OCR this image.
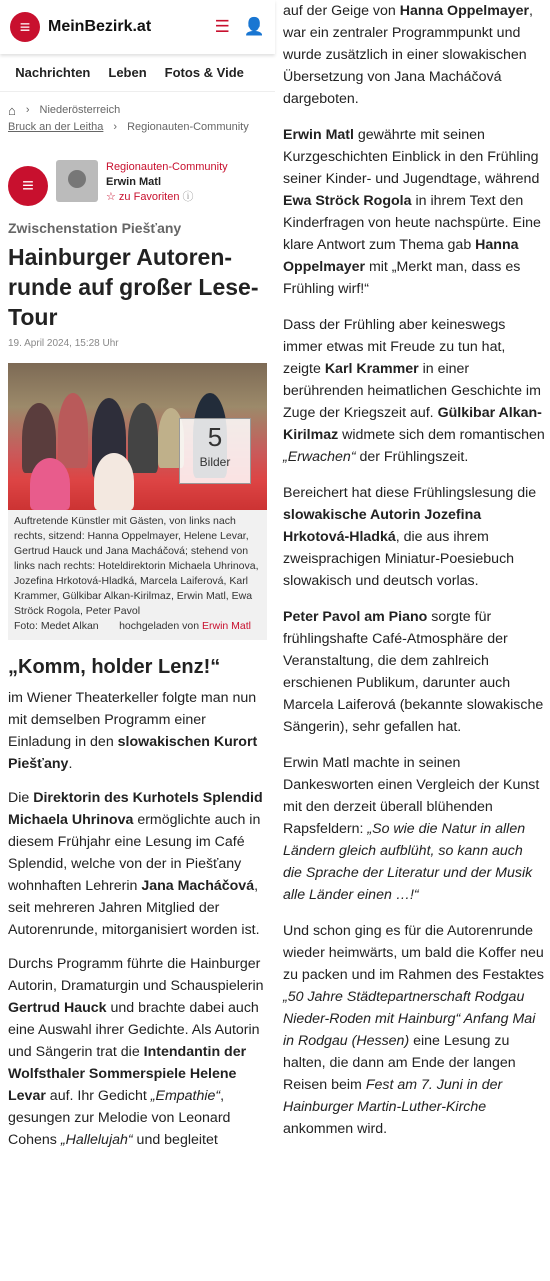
≡ MeinBezirk.at	☰ 👤
Nachrichten Leben Fotos & Vide
⌂ › Niederösterreich
Bruck an der Leitha › Regionauten-Community
≡
Regionauten-Community
Erwin Matl
☆ zu Favoriten ⓘ
Zwischenstation Piešťany
Hainburger Autoren-runde auf großer Lese-Tour
19. April 2024, 15:28 Uhr
5
Bilder
Auftretende Künstler mit Gästen, von links nach rechts, sitzend: Hanna Oppelmayer, Helene Levar, Gertrud Hauck und Jana Macháčová; stehend von links nach rechts: Hoteldirektorin Michaela Uhrinova, Jozefina Hrkotová-Hladká, Marcela Laiferová, Karl Krammer, Gülkibar Alkan-Kirilmaz, Erwin Matl, Ewa Ströck Rogola, Peter Pavol
Foto: Medet Alkan hochgeladen von Erwin Matl
„Komm, holder Lenz!“

im Wiener Theaterkeller folgte man nun mit demselben Programm einer Einladung in den slowakischen Kurort Piešťany.

Die Direktorin des Kurhotels Splendid Michaela Uhrinova ermöglichte auch in diesem Frühjahr eine Lesung im Café Splendid, welche von der in Piešťany wohnhaften Lehrerin Jana Macháčová, seit mehreren Jahren Mitglied der Autorenrunde, mitorganisiert worden ist.

Durchs Programm führte die Hainburger Autorin, Dramaturgin und Schauspielerin Gertrud Hauck und brachte dabei auch eine Auswahl ihrer Gedichte. Als Autorin und Sängerin trat die Intendantin der Wolfsthaler Sommerspiele Helene Levar auf. Ihr Gedicht „Empathie“, gesungen zur Melodie von Leonard Cohens „Hallelujah“ und begleitet

auf der Geige von Hanna Oppelmayer, war ein zentraler Programmpunkt und wurde zusätzlich in einer slowakischen Übersetzung von Jana Macháčová dargeboten.

Erwin Matl gewährte mit seinen Kurzgeschichten Einblick in den Frühling seiner Kinder- und Jugendtage, während Ewa Ströck Rogola in ihrem Text den Kinderfragen von heute nachspürte. Eine klare Antwort zum Thema gab Hanna Oppelmayer mit „Merkt man, dass es Frühling wirf!“

Dass der Frühling aber keineswegs immer etwas mit Freude zu tun hat, zeigte Karl Krammer in einer berührenden heimatlichen Geschichte im Zuge der Kriegszeit auf. Gülkibar Alkan-Kirilmaz widmete sich dem romantischen „Erwachen“ der Frühlingszeit.

Bereichert hat diese Frühlingslesung die slowakische Autorin Jozefina Hrkotová-Hladká, die aus ihrem zweisprachigen Miniatur-Poesiebuch slowakisch und deutsch vorlas.

Peter Pavol am Piano sorgte für frühlingshafte Café-Atmosphäre der Veranstaltung, die dem zahlreich erschienen Publikum, darunter auch Marcela Laiferová (bekannte slowakische Sängerin), sehr gefallen hat.

Erwin Matl machte in seinen Dankesworten einen Vergleich der Kunst mit den derzeit überall blühenden Rapsfeldern: „So wie die Natur in allen Ländern gleich aufblüht, so kann auch die Sprache der Literatur und der Musik alle Länder einen …!“

Und schon ging es für die Autorenrunde wieder heimwärts, um bald die Koffer neu zu packen und im Rahmen des Festaktes „50 Jahre Städtepartnerschaft Rodgau Nieder-Roden mit Hainburg“ Anfang Mai in Rodgau (Hessen) eine Lesung zu halten, die dann am Ende der langen Reisen beim Fest am 7. Juni in der Hainburger Martin-Luther-Kirche ankommen wird.
